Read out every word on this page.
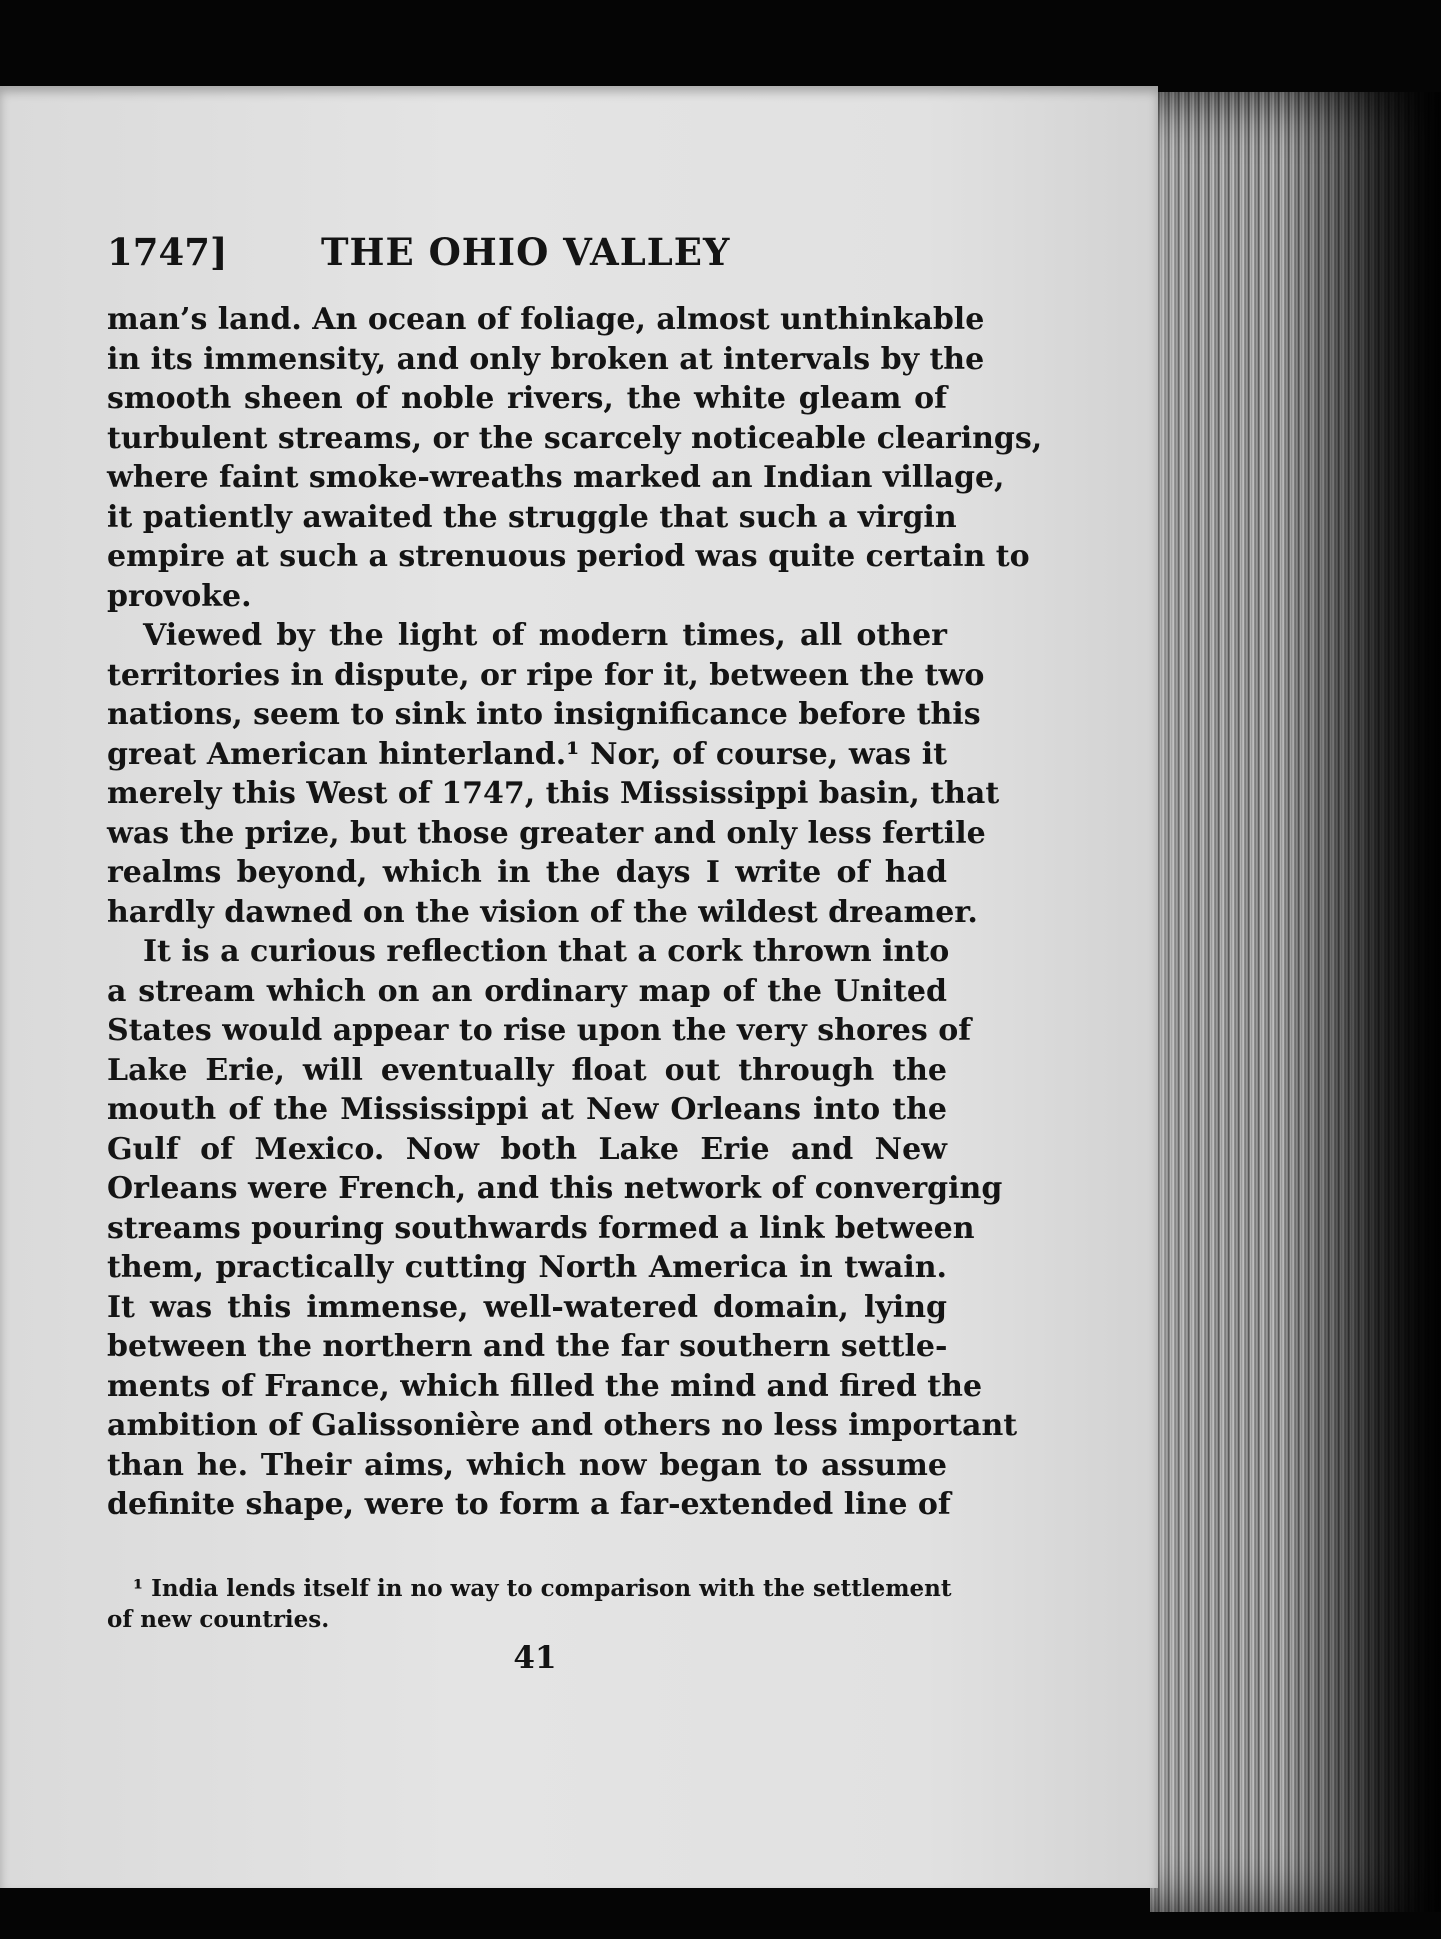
1747]	THE OHIO VALLEY
man’s land. An ocean of foliage, almost unthinkable
in its immensity, and only broken at intervals by the
smooth sheen of noble rivers, the white gleam of
turbulent streams, or the scarcely noticeable clearings,
where faint smoke-wreaths marked an Indian village,
it patiently awaited the struggle that such a virgin
empire at such a strenuous period was quite certain to
provoke.
Viewed by the light of modern times, all other
territories in dispute, or ripe for it, between the two
nations, seem to sink into insignificance before this
great American hinterland.¹ Nor, of course, was it
merely this West of 1747, this Mississippi basin, that
was the prize, but those greater and only less fertile
realms beyond, which in the days I write of had
hardly dawned on the vision of the wildest dreamer.
It is a curious reflection that a cork thrown into
a stream which on an ordinary map of the United
States would appear to rise upon the very shores of
Lake Erie, will eventually float out through the
mouth of the Mississippi at New Orleans into the
Gulf of Mexico. Now both Lake Erie and New
Orleans were French, and this network of converging
streams pouring southwards formed a link between
them, practically cutting North America in twain.
It was this immense, well-watered domain, lying
between the northern and the far southern settle-
ments of France, which filled the mind and fired the
ambition of Galissonière and others no less important
than he. Their aims, which now began to assume
definite shape, were to form a far-extended line of
¹ India lends itself in no way to comparison with the settlement
of new countries.
41
